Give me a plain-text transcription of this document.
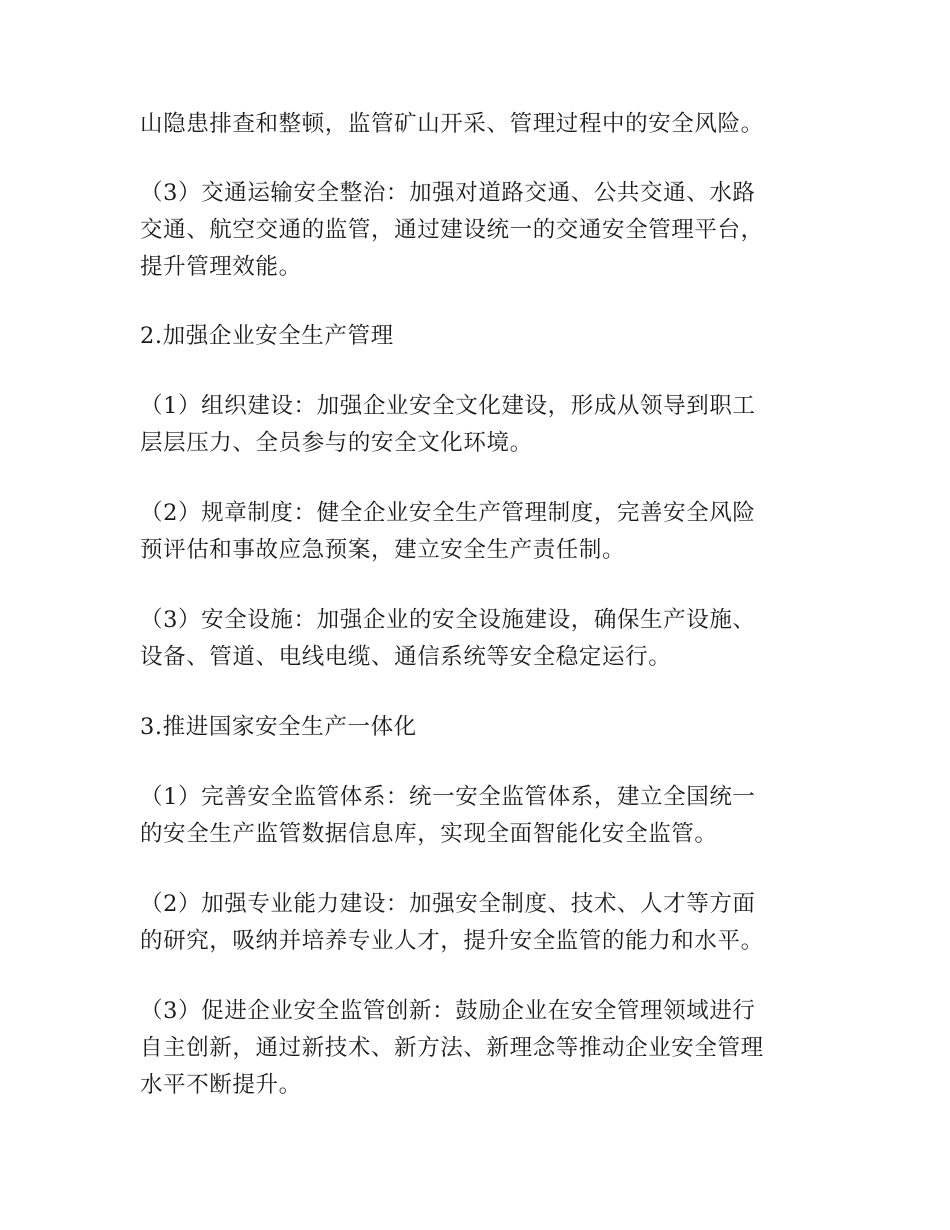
山隐患排查和整顿，监管矿山开采、管理过程中的安全风险。

（3）交通运输安全整治：加强对道路交通、公共交通、水路
交通、航空交通的监管，通过建设统一的交通安全管理平台，
提升管理效能。

2.加强企业安全生产管理

（1）组织建设：加强企业安全文化建设，形成从领导到职工
层层压力、全员参与的安全文化环境。

（2）规章制度：健全企业安全生产管理制度，完善安全风险
预评估和事故应急预案，建立安全生产责任制。

（3）安全设施：加强企业的安全设施建设，确保生产设施、
设备、管道、电线电缆、通信系统等安全稳定运行。

3.推进国家安全生产一体化

（1）完善安全监管体系：统一安全监管体系，建立全国统一
的安全生产监管数据信息库，实现全面智能化安全监管。

（2）加强专业能力建设：加强安全制度、技术、人才等方面
的研究，吸纳并培养专业人才，提升安全监管的能力和水平。

（3）促进企业安全监管创新：鼓励企业在安全管理领域进行
自主创新，通过新技术、新方法、新理念等推动企业安全管理
水平不断提升。
